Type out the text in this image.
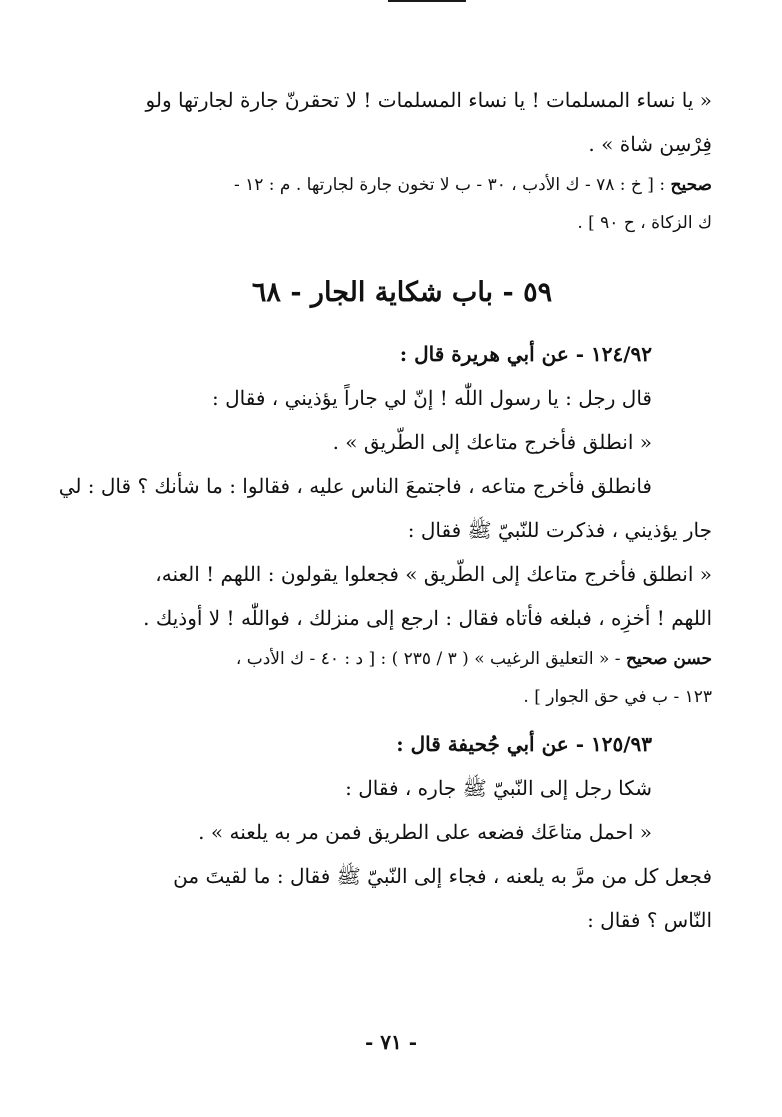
« يا نساء المسلمات ! يا نساء المسلمات ! لا تحقرنّ جارة لجارتها ولو
فِرْسِن شاة » .
صحيح : [ خ : ٧٨ - ك الأدب ، ٣٠ - ب لا تخون جارة لجارتها . م : ١٢ -
ك الزكاة ، ح ٩٠ ] .
٥٩ - باب شكاية الجار - ٦٨
١٢٤/٩٢ - عن أبي هريرة قال :
قال رجل : يا رسول اللّٰه ! إنّ لي جاراً يؤذيني ، فقال :
« انطلق فأخرج متاعك إلى الطّريق » .
فانطلق فأخرج متاعه ، فاجتمعَ الناس عليه ، فقالوا : ما شأنك ؟ قال : لي
جار يؤذيني ، فذكرت للنّبيّ ﷺ فقال :
« انطلق فأخرج متاعك إلى الطّريق » فجعلوا يقولون : اللهم ! العنه،
اللهم ! أخزِه ، فبلغه فأتاه فقال : ارجع إلى منزلك ، فواللّٰه ! لا أوذيك .
حسن صحيح - « التعليق الرغيب » ( ٣ / ٢٣٥ ) : [ د : ٤٠ - ك الأدب ،
١٢٣ - ب في حق الجوار ] .
١٢٥/٩٣ - عن أبي جُحيفة قال :
شكا رجل إلى النّبيّ ﷺ جاره ، فقال :
« احمل متاعَك فضعه على الطريق فمن مر به يلعنه » .
فجعل كل من مرَّ به يلعنه ، فجاء إلى النّبيّ ﷺ فقال : ما لقيتَ من
النّاس ؟ فقال :
- ٧١ -
